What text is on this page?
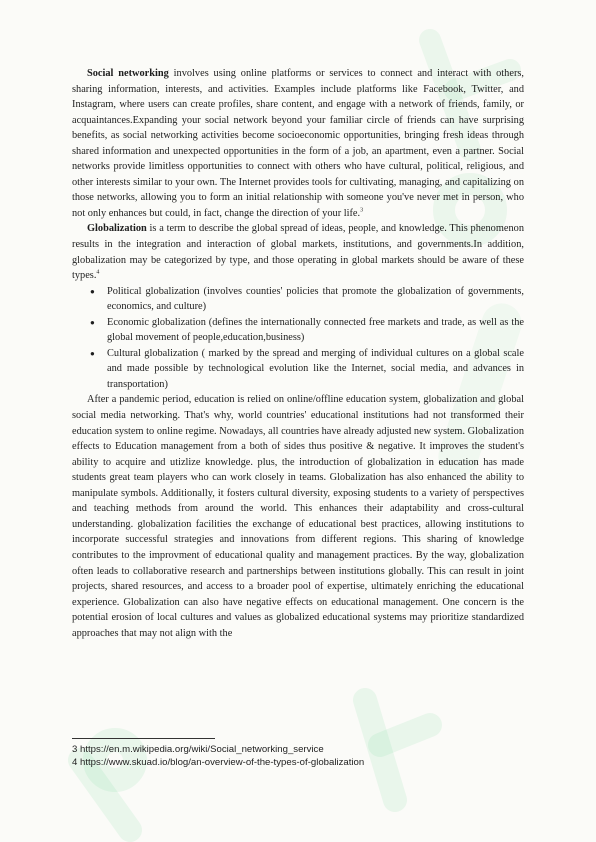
Social networking involves using online platforms or services to connect and interact with others, sharing information, interests, and activities. Examples include platforms like Facebook, Twitter, and Instagram, where users can create profiles, share content, and engage with a network of friends, family, or acquaintances.Expanding your social network beyond your familiar circle of friends can have surprising benefits, as social networking activities become socioeconomic opportunities, bringing fresh ideas through shared information and unexpected opportunities in the form of a job, an apartment, even a partner. Social networks provide limitless opportunities to connect with others who have cultural, political, religious, and other interests similar to your own. The Internet provides tools for cultivating, managing, and capitalizing on those networks, allowing you to form an initial relationship with someone you've never met in person, who not only enhances but could, in fact, change the direction of your life.$^3$

Globalization is a term to describe the global spread of ideas, people, and knowledge. This phenomenon results in the integration and interaction of global markets, institutions, and governments.In addition, globalization may be categorized by type, and those operating in global markets should be aware of these types.$^4$

● Political globalization (involves counties' policies that promote the globalization of governments, economics, and culture)
● Economic globalization (defines the internationally connected free markets and trade, as well as the global movement of people,education,business)
● Cultural globalization ( marked by the spread and merging of individual cultures on a global scale and made possible by technological evolution like the Internet, social media, and advances in transportation)

After a pandemic period, education is relied on online/offline education system, globalization and global social media networking. That's why, world countries' educational institutions had not transformed their education system to online regime. Nowadays, all countries have already adjusted new system. Globalization effects to Education management from a both of sides thus positive & negative. It improves the student's ability to acquire and utizlize knowledge. plus, the introduction of globalization in education has made students great team players who can work closely in teams. Globalization has also enhanced the ability to manipulate symbols. Additionally, it fosters cultural diversity, exposing students to a variety of perspectives and teaching methods from around the world. This enhances their adaptability and cross-cultural understanding. globalization facilities the exchange of educational best practices, allowing institutions to incorporate successful strategies and innovations from different regions. This sharing of knowledge contributes to the improvment of educational quality and management practices. By the way, globalization often leads to collaborative research and partnerships between institutions globally. This can result in joint projects, shared resources, and access to a broader pool of expertise, ultimately enriching the educational experience. Globalization can also have negative effects on educational management. One concern is the potential erosion of local cultures and values as globalized educational systems may prioritize standardized approaches that may not align with the

3 https://en.m.wikipedia.org/wiki/Social_networking_service
4 https://www.skuad.io/blog/an-overview-of-the-types-of-globalization
